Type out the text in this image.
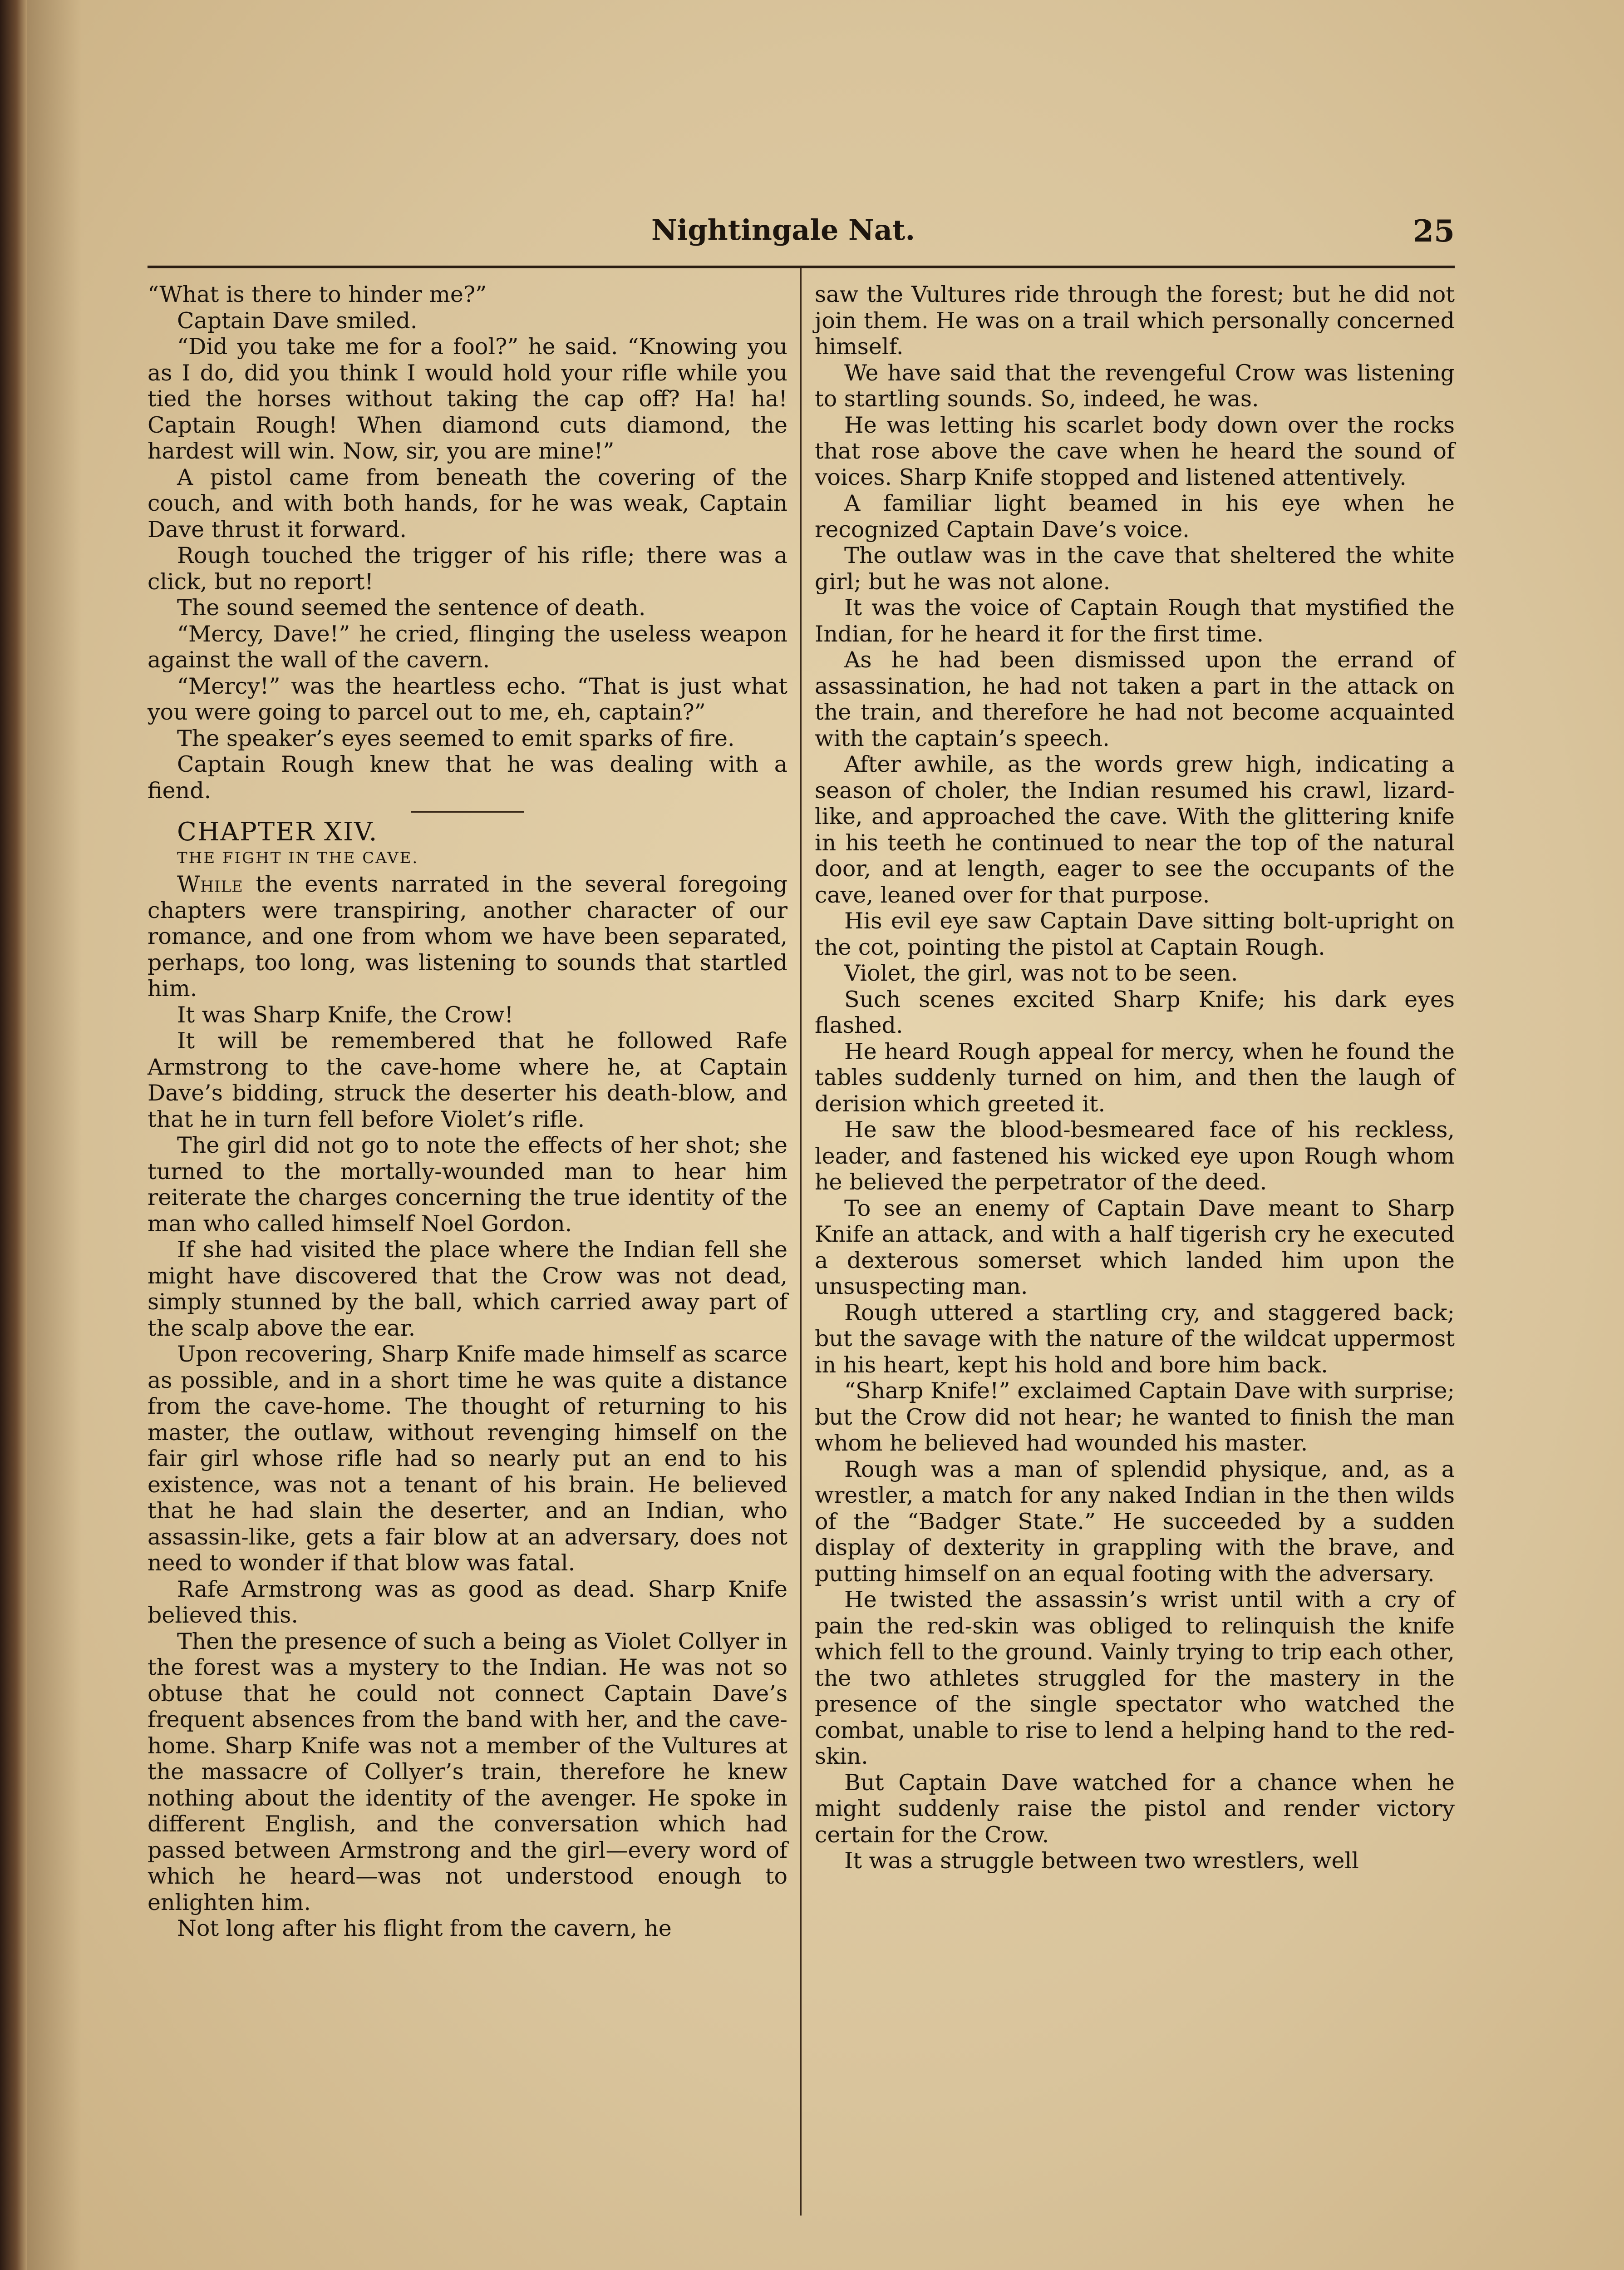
Nightingale Nat.	25

“What is there to hinder me?”

Captain Dave smiled.

“Did you take me for a fool?” he said. “Knowing you as I do, did you think I would hold your rifle while you tied the horses without taking the cap off? Ha! ha! Captain Rough! When diamond cuts diamond, the hardest will win. Now, sir, you are mine!”

A pistol came from beneath the covering of the couch, and with both hands, for he was weak, Captain Dave thrust it forward.

Rough touched the trigger of his rifle; there was a click, but no report!

The sound seemed the sentence of death.

“Mercy, Dave!” he cried, flinging the useless weapon against the wall of the cavern.

“Mercy!” was the heartless echo. “That is just what you were going to parcel out to me, eh, captain?”

The speaker’s eyes seemed to emit sparks of fire.

Captain Rough knew that he was dealing with a fiend.

CHAPTER XIV.

THE FIGHT IN THE CAVE.

While the events narrated in the several foregoing chapters were transpiring, another character of our romance, and one from whom we have been separated, perhaps, too long, was listening to sounds that startled him.

It was Sharp Knife, the Crow!

It will be remembered that he followed Rafe Armstrong to the cave-home where he, at Captain Dave’s bidding, struck the deserter his death-blow, and that he in turn fell before Violet’s rifle.

The girl did not go to note the effects of her shot; she turned to the mortally-wounded man to hear him reiterate the charges concerning the true identity of the man who called himself Noel Gordon.

If she had visited the place where the Indian fell she might have discovered that the Crow was not dead, simply stunned by the ball, which carried away part of the scalp above the ear.

Upon recovering, Sharp Knife made himself as scarce as possible, and in a short time he was quite a distance from the cave-home. The thought of returning to his master, the outlaw, without revenging himself on the fair girl whose rifle had so nearly put an end to his existence, was not a tenant of his brain. He believed that he had slain the deserter, and an Indian, who assassin-like, gets a fair blow at an adversary, does not need to wonder if that blow was fatal.

Rafe Armstrong was as good as dead. Sharp Knife believed this.

Then the presence of such a being as Violet Collyer in the forest was a mystery to the Indian. He was not so obtuse that he could not connect Captain Dave’s frequent absences from the band with her, and the cave-home. Sharp Knife was not a member of the Vultures at the massacre of Collyer’s train, therefore he knew nothing about the identity of the avenger. He spoke in different English, and the conversation which had passed between Armstrong and the girl—every word of which he heard—was not understood enough to enlighten him.

Not long after his flight from the cavern, he

saw the Vultures ride through the forest; but he did not join them. He was on a trail which personally concerned himself.

We have said that the revengeful Crow was listening to startling sounds. So, indeed, he was.

He was letting his scarlet body down over the rocks that rose above the cave when he heard the sound of voices. Sharp Knife stopped and listened attentively.

A familiar light beamed in his eye when he recognized Captain Dave’s voice.

The outlaw was in the cave that sheltered the white girl; but he was not alone.

It was the voice of Captain Rough that mystified the Indian, for he heard it for the first time.

As he had been dismissed upon the errand of assassination, he had not taken a part in the attack on the train, and therefore he had not become acquainted with the captain’s speech.

After awhile, as the words grew high, indicating a season of choler, the Indian resumed his crawl, lizard-like, and approached the cave. With the glittering knife in his teeth he continued to near the top of the natural door, and at length, eager to see the occupants of the cave, leaned over for that purpose.

His evil eye saw Captain Dave sitting bolt-upright on the cot, pointing the pistol at Captain Rough.

Violet, the girl, was not to be seen.

Such scenes excited Sharp Knife; his dark eyes flashed.

He heard Rough appeal for mercy, when he found the tables suddenly turned on him, and then the laugh of derision which greeted it.

He saw the blood-besmeared face of his reckless, leader, and fastened his wicked eye upon Rough whom he believed the perpetrator of the deed.

To see an enemy of Captain Dave meant to Sharp Knife an attack, and with a half tigerish cry he executed a dexterous somerset which landed him upon the unsuspecting man.

Rough uttered a startling cry, and staggered back; but the savage with the nature of the wildcat uppermost in his heart, kept his hold and bore him back.

“Sharp Knife!” exclaimed Captain Dave with surprise; but the Crow did not hear; he wanted to finish the man whom he believed had wounded his master.

Rough was a man of splendid physique, and, as a wrestler, a match for any naked Indian in the then wilds of the “Badger State.” He succeeded by a sudden display of dexterity in grappling with the brave, and putting himself on an equal footing with the adversary.

He twisted the assassin’s wrist until with a cry of pain the red-skin was obliged to relinquish the knife which fell to the ground. Vainly trying to trip each other, the two athletes struggled for the mastery in the presence of the single spectator who watched the combat, unable to rise to lend a helping hand to the red-skin.

But Captain Dave watched for a chance when he might suddenly raise the pistol and render victory certain for the Crow.

It was a struggle between two wrestlers, well
